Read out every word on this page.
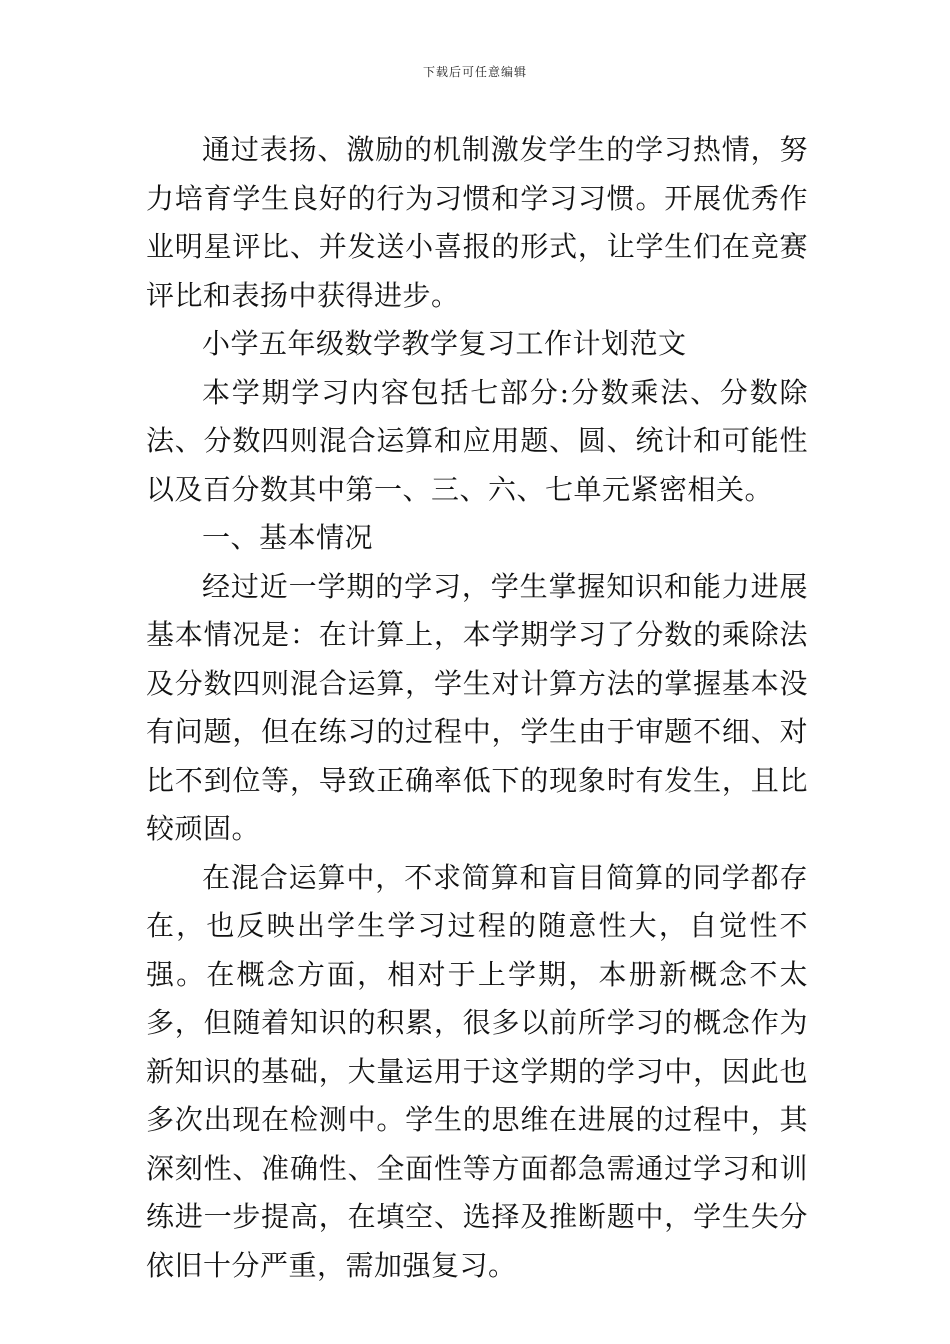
下载后可任意编辑

通过表扬、激励的机制激发学生的学习热情，努力培育学生良好的行为习惯和学习习惯。开展优秀作业明星评比、并发送小喜报的形式，让学生们在竞赛评比和表扬中获得进步。

小学五年级数学教学复习工作计划范文

本学期学习内容包括七部分:分数乘法、分数除法、分数四则混合运算和应用题、圆、统计和可能性以及百分数其中第一、三、六、七单元紧密相关。

一、基本情况

经过近一学期的学习，学生掌握知识和能力进展基本情况是：在计算上，本学期学习了分数的乘除法及分数四则混合运算，学生对计算方法的掌握基本没有问题，但在练习的过程中，学生由于审题不细、对比不到位等，导致正确率低下的现象时有发生，且比较顽固。

在混合运算中，不求简算和盲目简算的同学都存在，也反映出学生学习过程的随意性大，自觉性不强。在概念方面，相对于上学期，本册新概念不太多，但随着知识的积累，很多以前所学习的概念作为新知识的基础，大量运用于这学期的学习中，因此也多次出现在检测中。学生的思维在进展的过程中，其深刻性、准确性、全面性等方面都急需通过学习和训练进一步提高，在填空、选择及推断题中，学生失分依旧十分严重，需加强复习。
